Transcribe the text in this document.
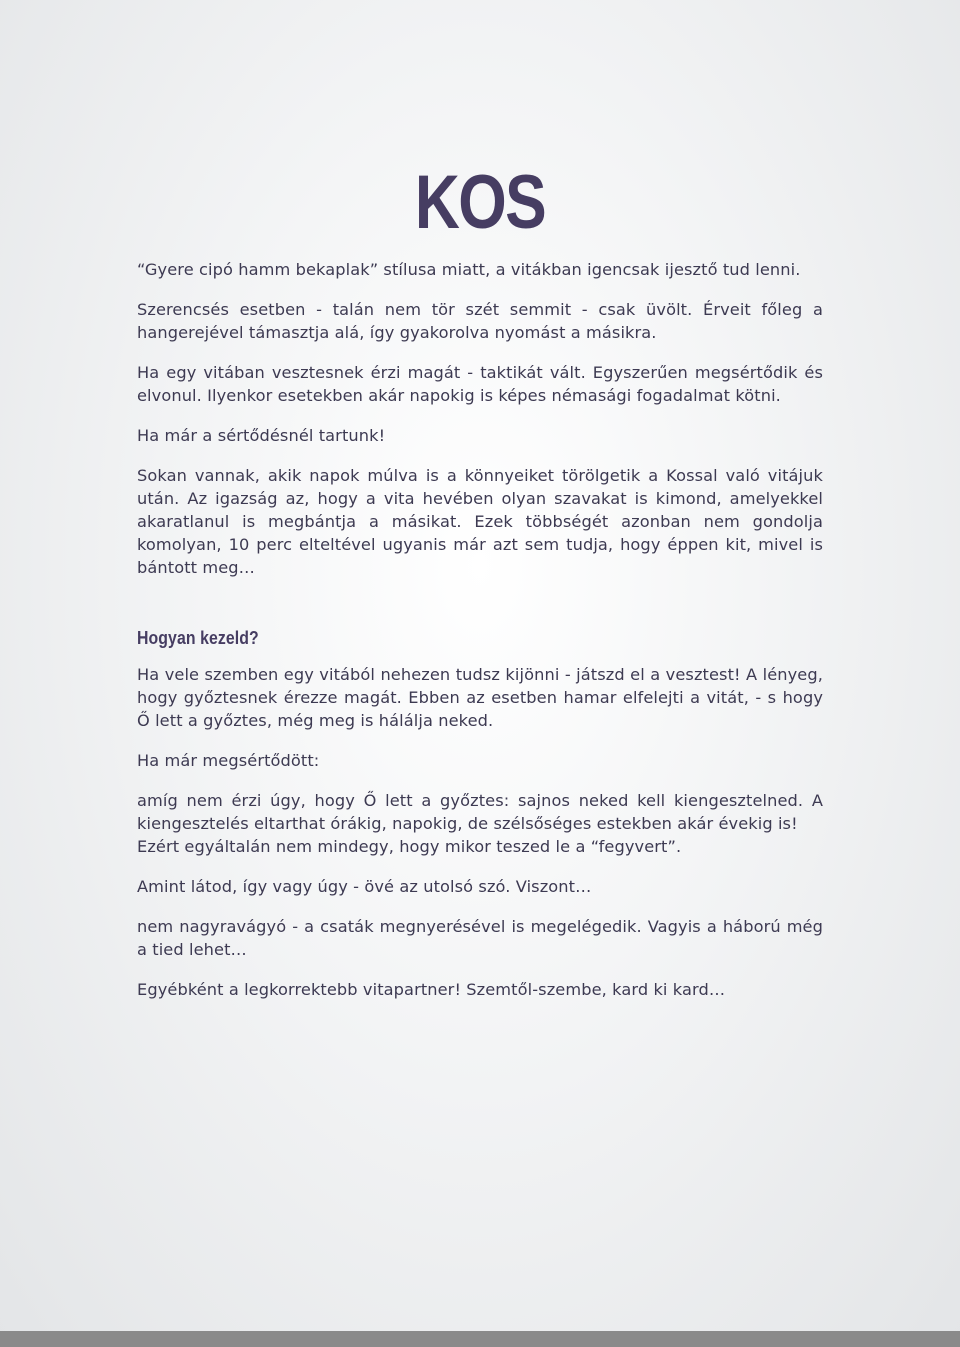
KOS

“Gyere cipó hamm bekaplak” stílusa miatt, a vitákban igencsak ijesztő tud lenni.

Szerencsés esetben - talán nem tör szét semmit - csak üvölt. Érveit főleg a hangerejével támasztja alá, így gyakorolva nyomást a másikra.

Ha egy vitában vesztesnek érzi magát - taktikát vált. Egyszerűen megsértődik és elvonul. Ilyenkor esetekben akár napokig is képes némasági fogadalmat kötni.

Ha már a sértődésnél tartunk!

Sokan vannak, akik napok múlva is a könnyeiket törölgetik a Kossal való vitájuk után. Az igazság az, hogy a vita hevében olyan szavakat is kimond, amelyekkel akaratlanul is megbántja a másikat. Ezek többségét azonban nem gondolja komolyan, 10 perc elteltével ugyanis már azt sem tudja, hogy éppen kit, mivel is bántott meg…

Hogyan kezeld?

Ha vele szemben egy vitából nehezen tudsz kijönni - játszd el a vesztest! A lényeg, hogy győztesnek érezze magát. Ebben az esetben hamar elfelejti a vitát, - s hogy Ő lett a győztes, még meg is hálálja neked.

Ha már megsértődött:

amíg nem érzi úgy, hogy Ő lett a győztes: sajnos neked kell kiengesztelned. A kiengesztelés eltarthat órákig, napokig, de szélsőséges estekben akár évekig is!

Ezért egyáltalán nem mindegy, hogy mikor teszed le a “fegyvert”.

Amint látod, így vagy úgy - övé az utolsó szó. Viszont…

nem nagyravágyó - a csaták megnyerésével is megelégedik. Vagyis a háború még a tied lehet…

Egyébként a legkorrektebb vitapartner! Szemtől-szembe, kard ki kard…
